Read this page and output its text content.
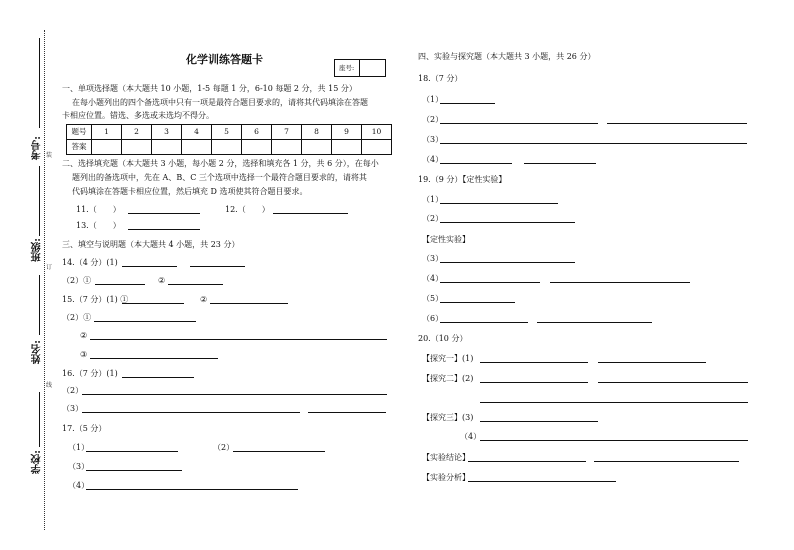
考号: 装
班级:
订
姓名:
线
学校:
化学训练答题卡
座号:
一、单项选择题（本大题共 10 小题，1-5 每题 1 分，6-10 每题 2 分，共 15 分）
在每小题列出的四个备选项中只有一项是最符合题目要求的，请将其代码填涂在答题
卡相应位置。错选、多选或未选均不得分。
题号	1	2	3	4	5	6	7	8	9	10
答案										
二、选择填充题（本大题共 3 小题，每小题 2 分，选择和填充各 1 分，共 6 分），在每小
题列出的备选项中，先在 A、B、C 三个选项中选择一个最符合题目要求的，请将其
代码填涂在答题卡相应位置，然后填充 D 选项使其符合题目要求。
11.（　　）	12.（　　）
13.（　　）
三、填空与说明题（本大题共 4 小题，共 23 分）
14.（4 分）(1)
（2）①	②
15.（7 分）(1) ①	②
（2）①
②
③
16.（7 分）(1)
（2）
（3）
17.（5 分）
（1）	（2）
（3）
（4）
四、实验与探究题（本大题共 3 小题，共 26 分）
18.（7 分）
（1）
（2）
（3）
（4）
19.（9 分）【定性实验】
（1）
（2）
【定性实验】
（3）
（4）
（5）
（6）
20.（10 分）
【探究一】(1)
【探究二】(2)
【探究三】(3)
（4）
【实验结论】
【实验分析】
